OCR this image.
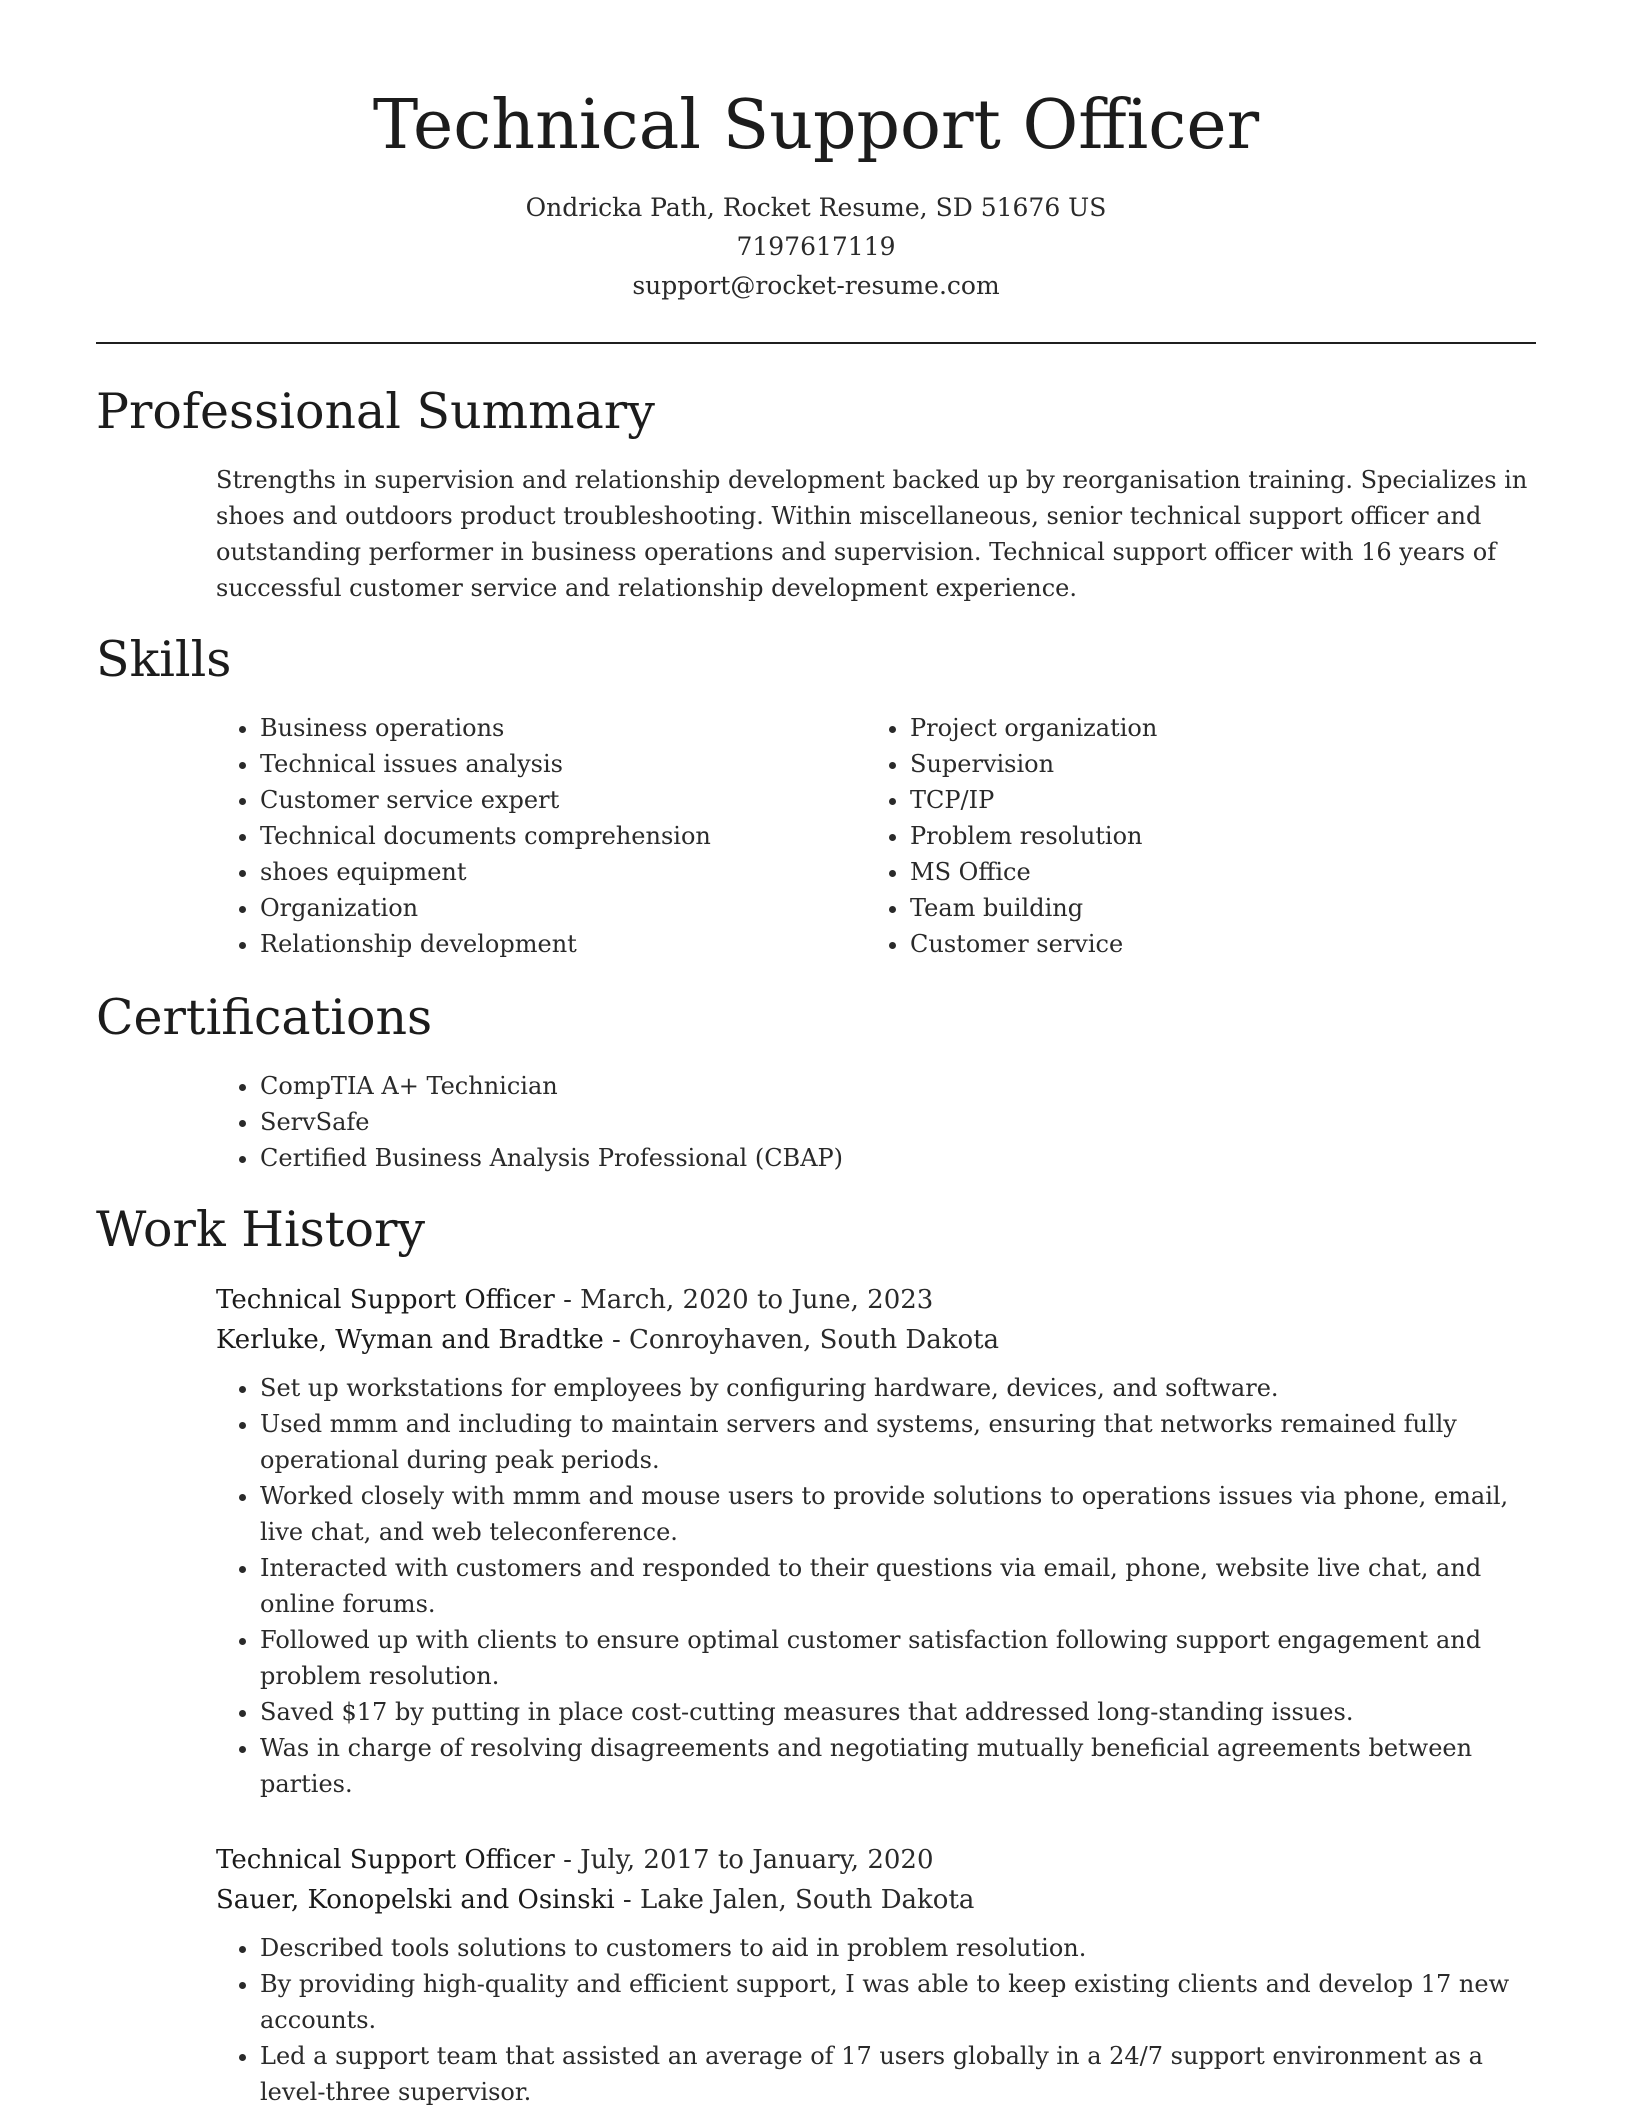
Technical Support Officer
Ondricka Path, Rocket Resume, SD 51676 US
7197617119
support@rocket-resume.com
Professional Summary

Strengths in supervision and relationship development backed up by reorganisation training. Specializes in shoes and outdoors product troubleshooting. Within miscellaneous, senior technical support officer and outstanding performer in business operations and supervision. Technical support officer with 16 years of successful customer service and relationship development experience.

Skills
• Business operations
• Technical issues analysis
• Customer service expert
• Technical documents comprehension
• shoes equipment
• Organization
• Relationship development
• Project organization
• Supervision
• TCP/IP
• Problem resolution
• MS Office
• Team building
• Customer service
Certifications
• CompTIA A+ Technician
• ServSafe
• Certified Business Analysis Professional (CBAP)
Work History
Technical Support Officer - March, 2020 to June, 2023
Kerluke, Wyman and Bradtke - Conroyhaven, South Dakota
• Set up workstations for employees by configuring hardware, devices, and software.
• Used mmm and including to maintain servers and systems, ensuring that networks remained fully operational during peak periods.
• Worked closely with mmm and mouse users to provide solutions to operations issues via phone, email, live chat, and web teleconference.
• Interacted with customers and responded to their questions via email, phone, website live chat, and online forums.
• Followed up with clients to ensure optimal customer satisfaction following support engagement and problem resolution.
• Saved $17 by putting in place cost-cutting measures that addressed long-standing issues.
• Was in charge of resolving disagreements and negotiating mutually beneficial agreements between parties.
Technical Support Officer - July, 2017 to January, 2020
Sauer, Konopelski and Osinski - Lake Jalen, South Dakota
• Described tools solutions to customers to aid in problem resolution.
• By providing high-quality and efficient support, I was able to keep existing clients and develop 17 new accounts.
• Led a support team that assisted an average of 17 users globally in a 24/7 support environment as a level-three supervisor.
